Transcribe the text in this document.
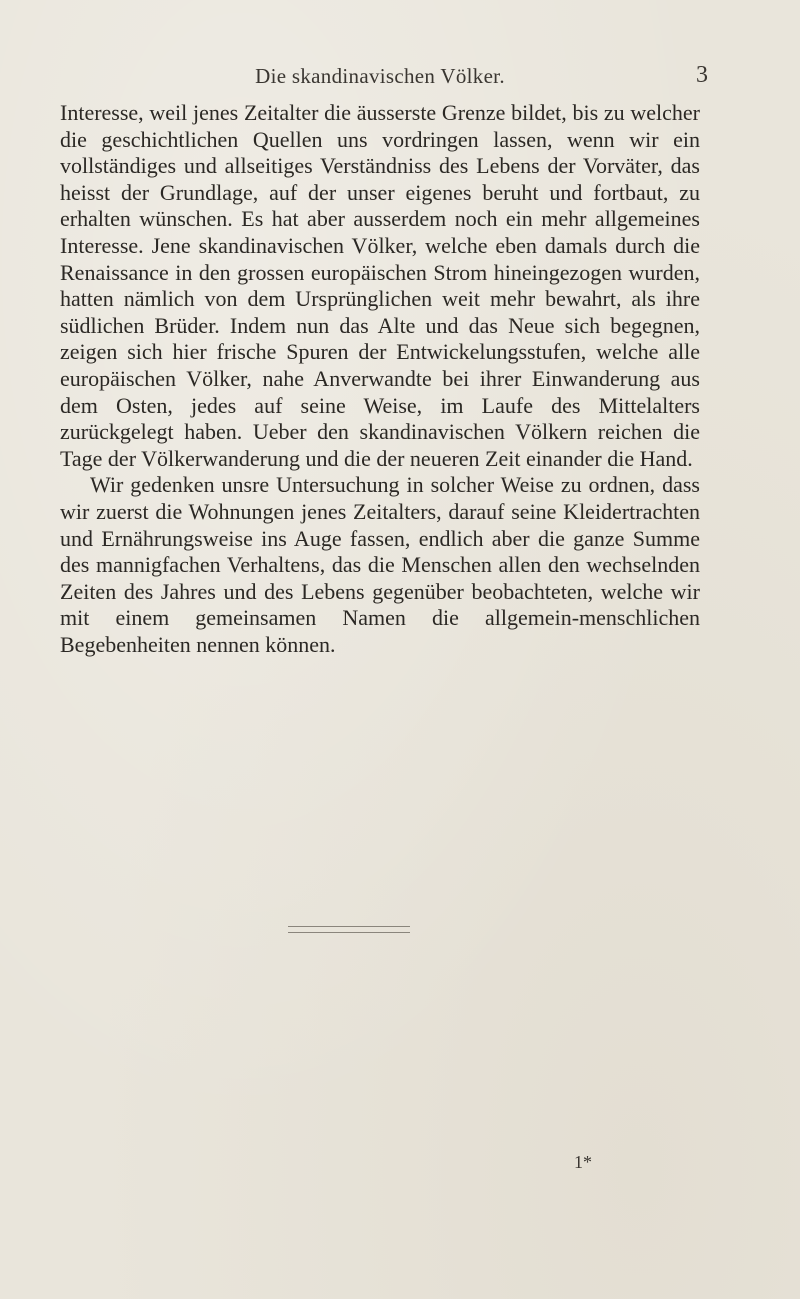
Die skandinavischen Völker.	3

Interesse, weil jenes Zeitalter die äusserste Grenze bildet, bis zu welcher die geschichtlichen Quellen uns vordringen lassen, wenn wir ein vollständiges und allseitiges Verständniss des Lebens der Vorväter, das heisst der Grundlage, auf der unser eigenes beruht und fortbaut, zu erhalten wünschen. Es hat aber ausserdem noch ein mehr allgemeines Interesse. Jene skandinavischen Völker, welche eben damals durch die Renaissance in den grossen europäischen Strom hineingezogen wurden, hatten nämlich von dem Ursprünglichen weit mehr bewahrt, als ihre südlichen Brüder. Indem nun das Alte und das Neue sich begegnen, zeigen sich hier frische Spuren der Entwickelungsstufen, welche alle europäischen Völker, nahe Anverwandte bei ihrer Einwanderung aus dem Osten, jedes auf seine Weise, im Laufe des Mittelalters zurückgelegt haben. Ueber den skandinavischen Völkern reichen die Tage der Völkerwanderung und die der neueren Zeit einander die Hand.

Wir gedenken unsre Untersuchung in solcher Weise zu ordnen, dass wir zuerst die Wohnungen jenes Zeitalters, darauf seine Kleidertrachten und Ernährungsweise ins Auge fassen, endlich aber die ganze Summe des mannigfachen Verhaltens, das die Menschen allen den wechselnden Zeiten des Jahres und des Lebens gegenüber beobachteten, welche wir mit einem gemeinsamen Namen die allgemein-menschlichen Begebenheiten nennen können.

1*
